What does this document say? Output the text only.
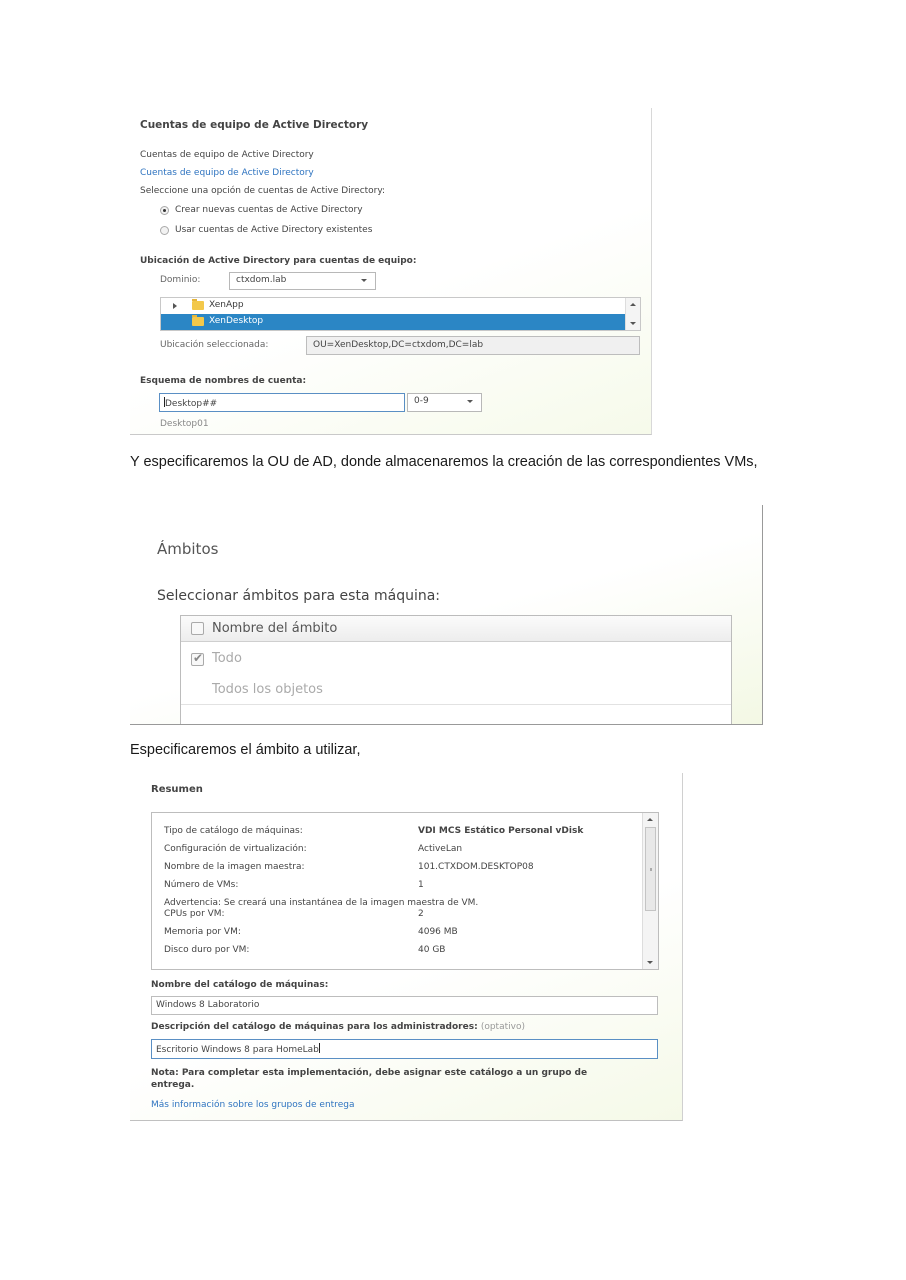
Cuentas de equipo de Active Directory
Cuentas de equipo de Active Directory
Cuentas de equipo de Active Directory
Seleccione una opción de cuentas de Active Directory:
Crear nuevas cuentas de Active Directory
Usar cuentas de Active Directory existentes
Ubicación de Active Directory para cuentas de equipo:
Dominio:	ctxdom.lab
XenApp
XenDesktop
Ubicación seleccionada:	OU=XenDesktop,DC=ctxdom,DC=lab
Esquema de nombres de cuenta:
Desktop##	0-9
Desktop01
Y especificaremos la OU de AD, donde almacenaremos la creación de las correspondientes VMs,
Ámbitos
Seleccionar ámbitos para esta máquina:
Nombre del ámbito
✔
Todo
Todos los objetos
Especificaremos el ámbito a utilizar,
Resumen
Tipo de catálogo de máquinas:	VDI MCS Estático Personal vDisk
Configuración de virtualización:	ActiveLan
Nombre de la imagen maestra:	101.CTXDOM.DESKTOP08
Número de VMs:	1
Advertencia: Se creará una instantánea de la imagen maestra de VM.
CPUs por VM:	2
Memoria por VM:	4096 MB
Disco duro por VM:	40 GB
Nombre del catálogo de máquinas:
Windows 8 Laboratorio
Descripción del catálogo de máquinas para los administradores: (optativo)
Escritorio Windows 8 para HomeLab
Nota: Para completar esta implementación, debe asignar este catálogo a un grupo de entrega.
Más información sobre los grupos de entrega
